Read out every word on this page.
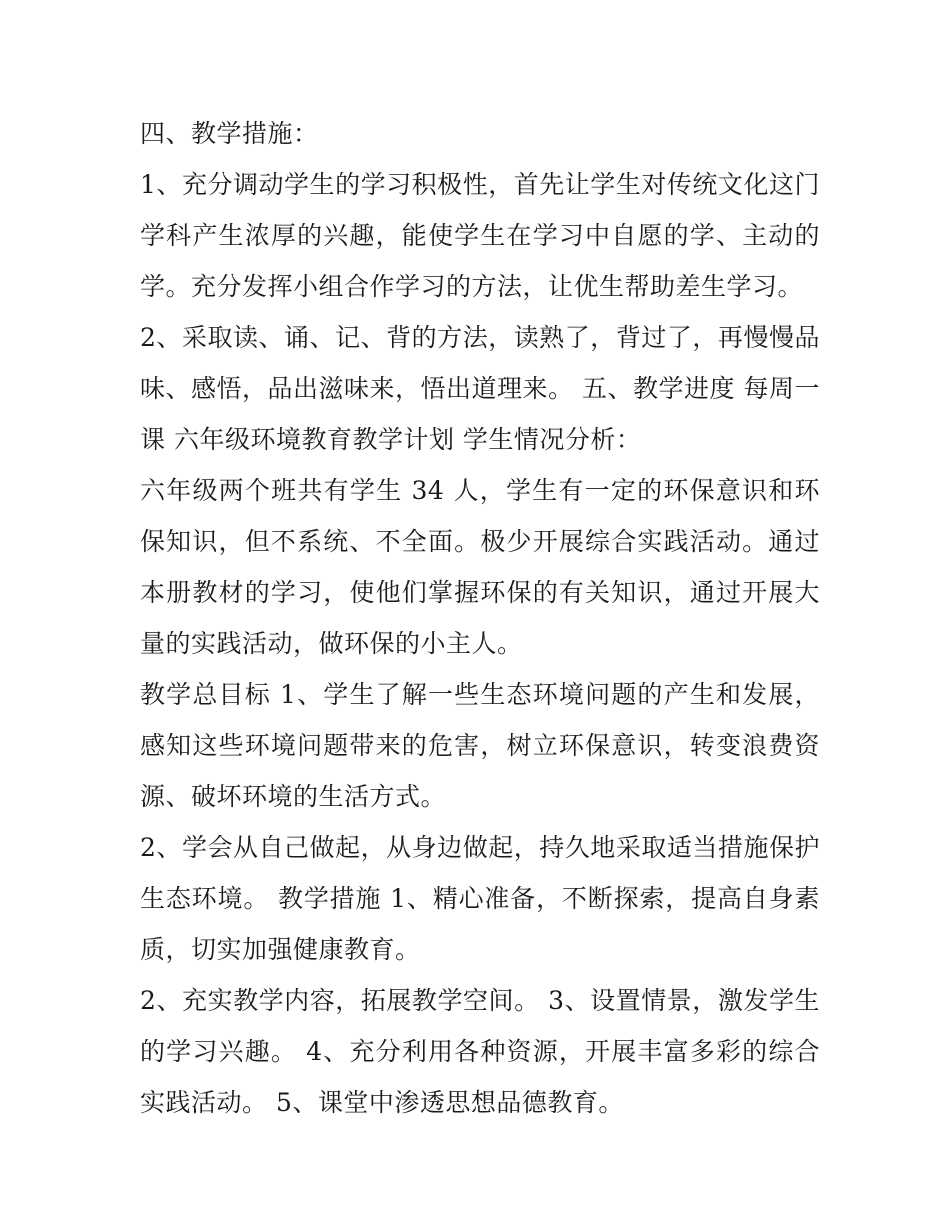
四、教学措施：

1、充分调动学生的学习积极性，首先让学生对传统文化这门学科产生浓厚的兴趣，能使学生在学习中自愿的学、主动的学。充分发挥小组合作学习的方法，让优生帮助差生学习。

2、采取读、诵、记、背的方法，读熟了，背过了，再慢慢品味、感悟，品出滋味来，悟出道理来。 五、教学进度 每周一课 六年级环境教育教学计划 学生情况分析：

六年级两个班共有学生 34 人，学生有一定的环保意识和环保知识，但不系统、不全面。极少开展综合实践活动。通过本册教材的学习，使他们掌握环保的有关知识，通过开展大量的实践活动，做环保的小主人。

教学总目标 1、学生了解一些生态环境问题的产生和发展，感知这些环境问题带来的危害，树立环保意识，转变浪费资源、破坏环境的生活方式。

2、学会从自己做起，从身边做起，持久地采取适当措施保护生态环境。 教学措施 1、精心准备，不断探索，提高自身素质，切实加强健康教育。

2、充实教学内容，拓展教学空间。 3、设置情景，激发学生的学习兴趣。 4、充分利用各种资源，开展丰富多彩的综合实践活动。 5、课堂中渗透思想品德教育。
